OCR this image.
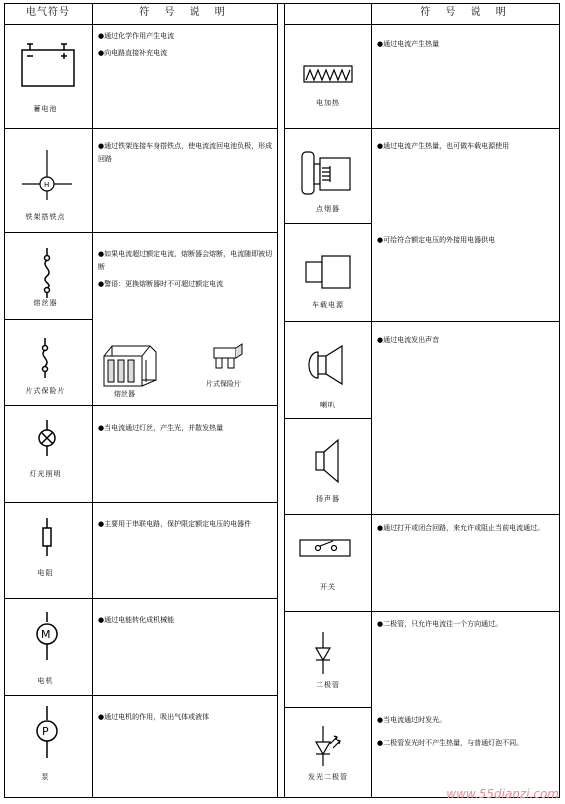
H
M
P
电气符号	符 号 说 明	符 号 说 明
蓄电池
铁架搭铁点
熔丝器
片式保险片
灯光照明
电阻
电机
泵

●通过化学作用产生电流

●向电路直接补充电流

●通过铁架连接车身搭铁点，使电流流回电池负极，形成回路

●如果电流超过额定电流，熔断器会熔断，电流随即被切断

●警语：更换熔断器时不可超过额定电流

熔丝器
片式保险片

●当电流通过灯丝，产生光，并散发热量

●主要用于串联电路，保护限定额定电压的电器件

●通过电能转化成机械能

●通过电机的作用，吸出气体或液体

电加热
点烟器
车载电源
喇叭
扬声器
开关
二极管
发光二极管

●通过电流产生热量

●通过电流产生热量，也可做车载电源使用

●可给符合额定电压的外接用电器供电

●通过电流发出声音

●通过打开或闭合回路，来允许或阻止当前电流通过。

●二极管，只允许电流往一个方向通过。

●当电流通过时发光。

●二极管发光时不产生热量，与普通灯泡不同。

www.55dianzi.com
